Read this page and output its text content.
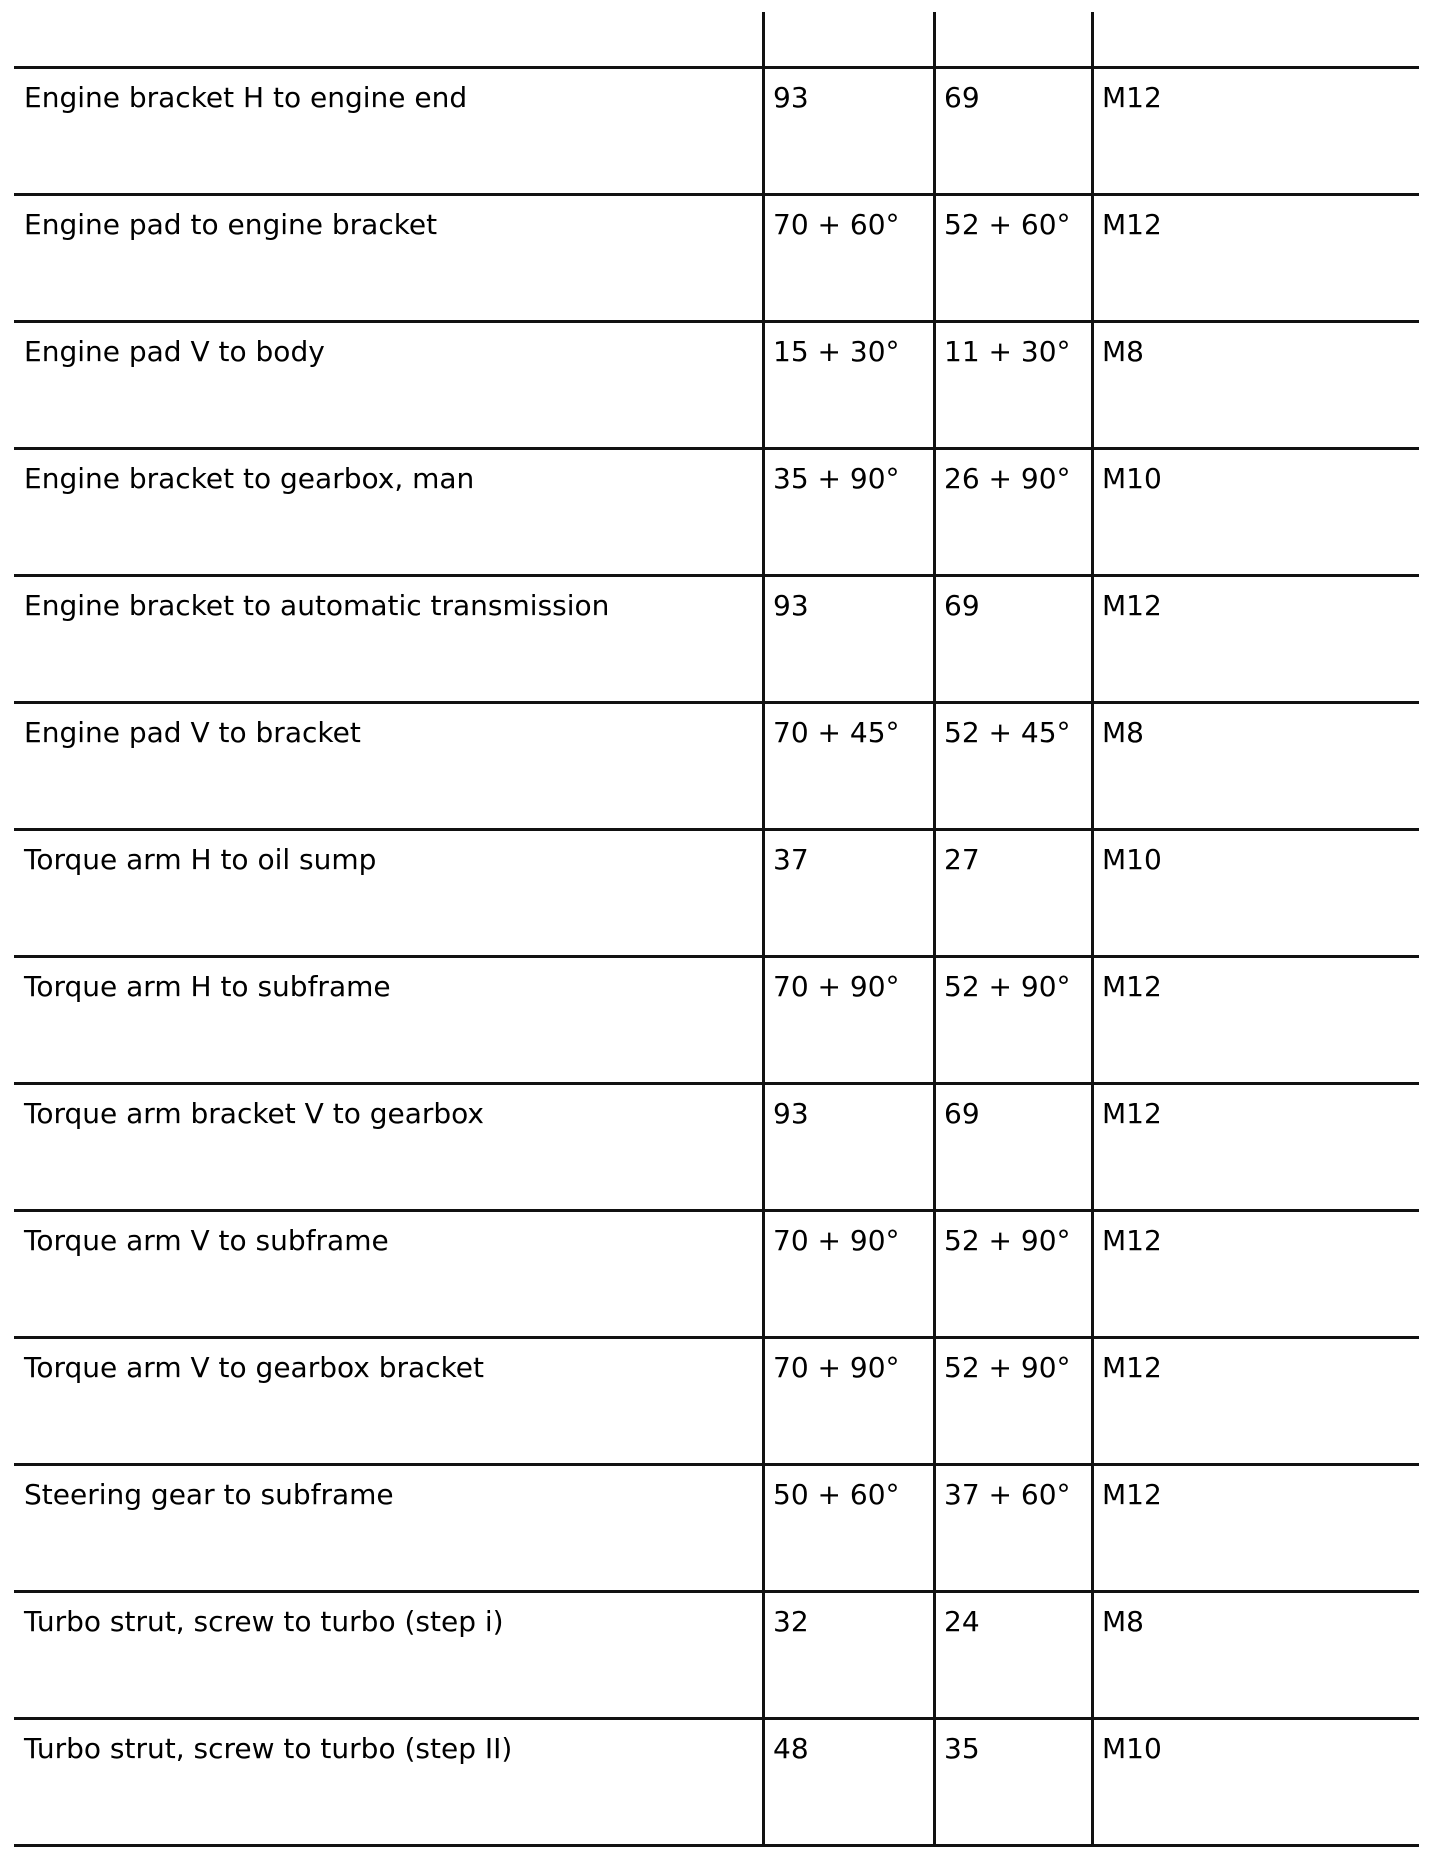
Engine bracket H to engine end	93	69	M12
Engine pad to engine bracket	70 + 60°	52 + 60°	M12
Engine pad V to body	15 + 30°	11 + 30°	M8
Engine bracket to gearbox, man	35 + 90°	26 + 90°	M10
Engine bracket to automatic transmission	93	69	M12
Engine pad V to bracket	70 + 45°	52 + 45°	M8
Torque arm H to oil sump	37	27	M10
Torque arm H to subframe	70 + 90°	52 + 90°	M12
Torque arm bracket V to gearbox	93	69	M12
Torque arm V to subframe	70 + 90°	52 + 90°	M12
Torque arm V to gearbox bracket	70 + 90°	52 + 90°	M12
Steering gear to subframe	50 + 60°	37 + 60°	M12
Turbo strut, screw to turbo (step i)	32	24	M8
Turbo strut, screw to turbo (step II)	48	35	M10
